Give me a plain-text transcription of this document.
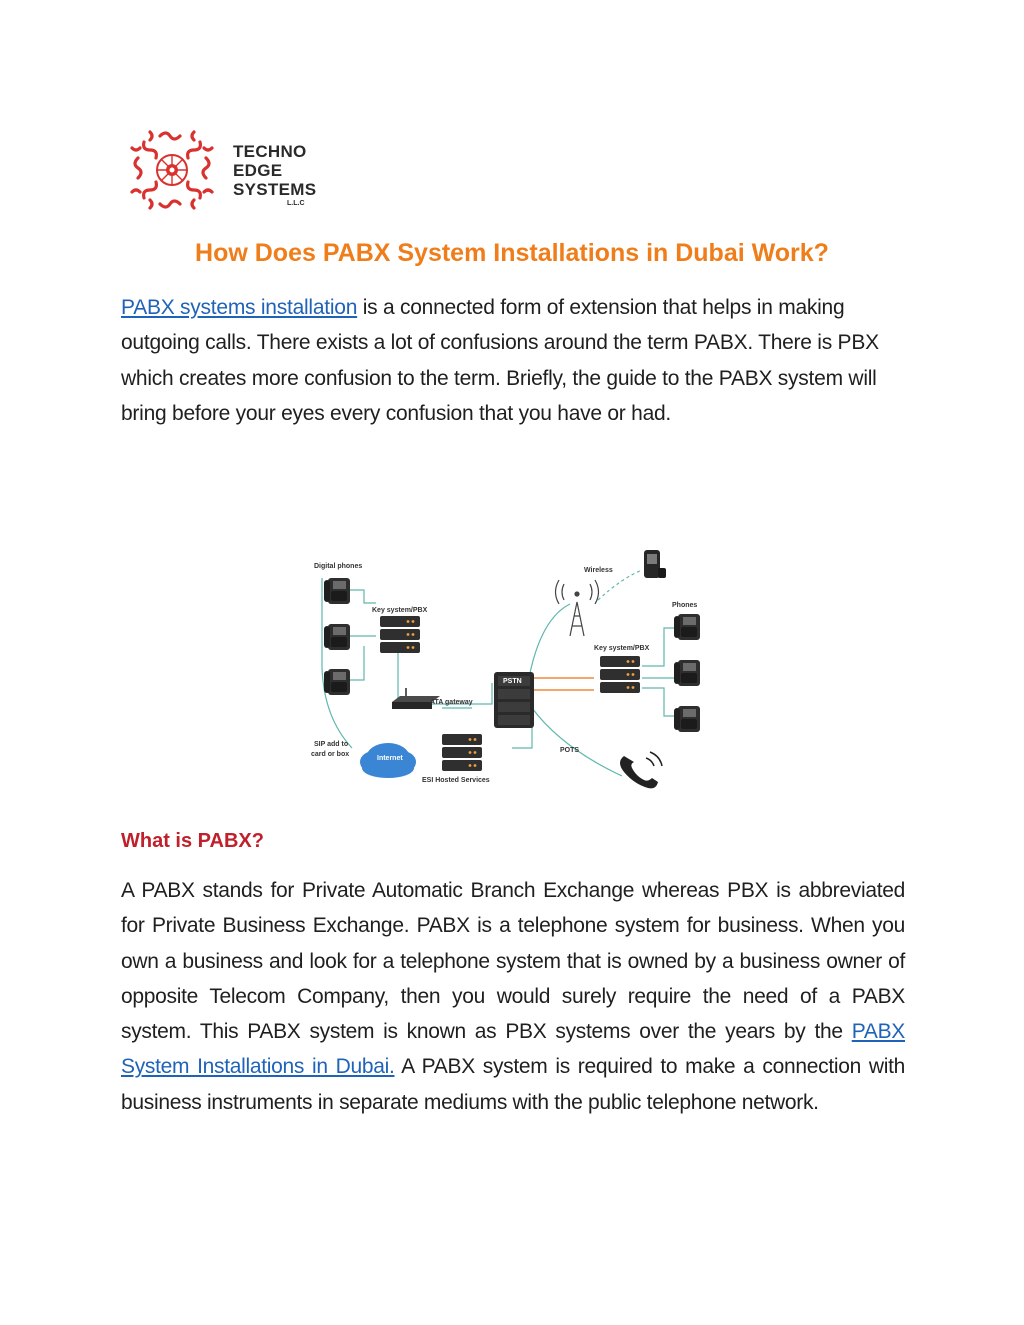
TECHNO
EDGE
SYSTEMS
L.L.C
How Does PABX System Installations in Dubai Work?

PABX systems installation is a connected form of extension that helps in making outgoing calls. There exists a lot of confusions around the term PABX. There is PBX which creates more confusion to the term. Briefly, the guide to the PABX system will bring before your eyes every confusion that you have or had.

Digital phones
Key system/PBX
ATA gateway
SIP add to
card or box
Internet
ESI Hosted Services
PSTN
Wireless
Phones
Key system/PBX
POTS
What is PABX?

A PABX stands for Private Automatic Branch Exchange whereas PBX is abbreviated for Private Business Exchange. PABX is a telephone system for business. When you own a business and look for a telephone system that is owned by a business owner of opposite Telecom Company, then you would surely require the need of a PABX system. This PABX system is known as PBX systems over the years by the PABX System Installations in Dubai. A PABX system is required to make a connection with business instruments in separate mediums with the public telephone network.
